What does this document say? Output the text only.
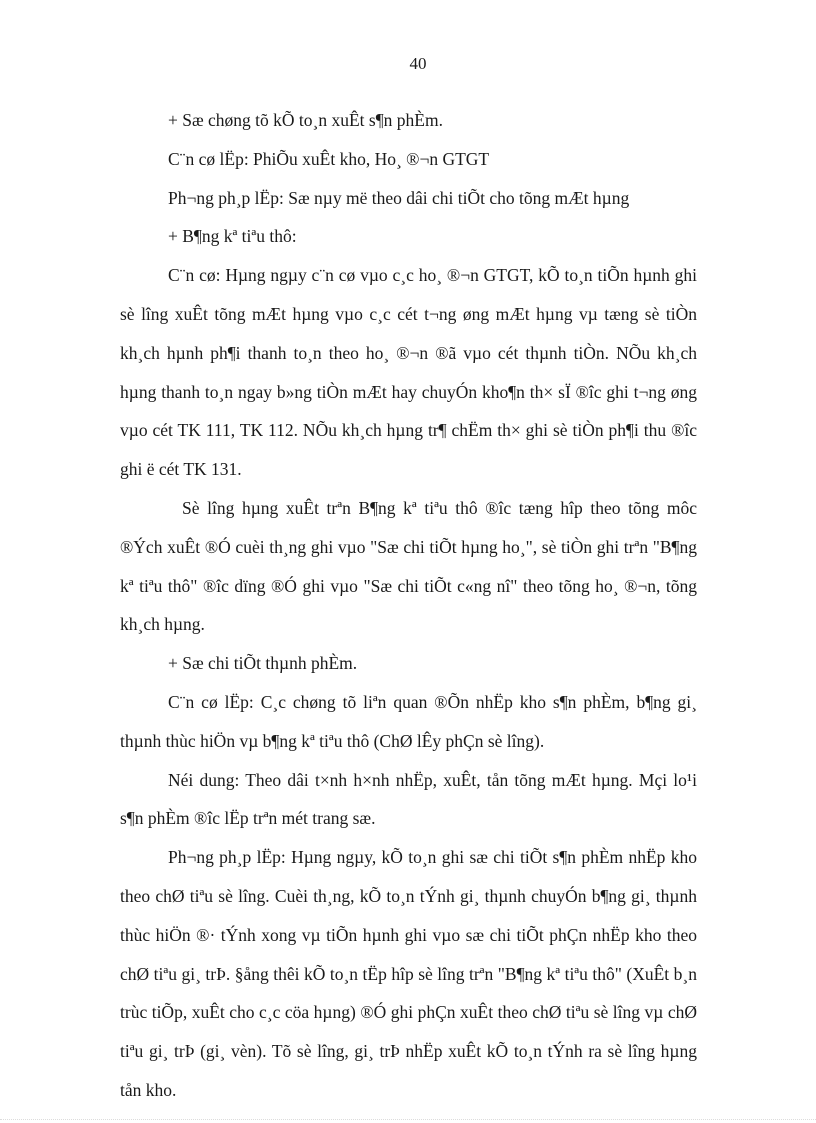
40

+ Sæ chøng tõ kÕ to¸n xuÊt s¶n phÈm.

C¨n cø lËp: PhiÕu xuÊt kho, Ho¸ ®¬n GTGT

Ph¬ng ph¸p lËp: Sæ nµy më theo dâi chi tiÕt cho tõng mÆt hµng

+ B¶ng kª tiªu thô:

C¨n cø: Hµng ngµy c¨n cø vµo c¸c ho¸ ®¬n GTGT, kÕ to¸n tiÕn hµnh ghi sè lîng xuÊt tõng mÆt hµng vµo c¸c cét t¬ng øng mÆt hµng vµ tæng sè tiÒn kh¸ch hµnh ph¶i thanh to¸n theo ho¸ ®¬n ®ã vµo cét thµnh tiÒn. NÕu kh¸ch hµng thanh to¸n ngay b»ng tiÒn mÆt hay chuyÓn kho¶n th× sÏ ®îc ghi t¬ng øng vµo cét TK 111, TK 112. NÕu kh¸ch hµng tr¶ chËm th× ghi sè tiÒn ph¶i thu ®îc ghi ë cét TK 131.

Sè lîng hµng xuÊt trªn B¶ng kª tiªu thô ®îc tæng hîp theo tõng môc ®Ých xuÊt ®Ó cuèi th¸ng ghi vµo "Sæ chi tiÕt hµng ho¸", sè tiÒn ghi trªn "B¶ng kª tiªu thô" ®îc dïng ®Ó ghi vµo "Sæ chi tiÕt c«ng nî" theo tõng ho¸ ®¬n, tõng kh¸ch hµng.

+ Sæ chi tiÕt thµnh phÈm.

C¨n cø lËp: C¸c chøng tõ liªn quan ®Õn nhËp kho s¶n phÈm, b¶ng gi¸ thµnh thùc hiÖn vµ b¶ng kª tiªu thô (ChØ lÊy phÇn sè lîng).

Néi dung: Theo dâi t×nh h×nh nhËp, xuÊt, tån tõng mÆt hµng. Mçi lo¹i s¶n phÈm ®îc lËp trªn mét trang sæ.

Ph¬ng ph¸p lËp: Hµng ngµy, kÕ to¸n ghi sæ chi tiÕt s¶n phÈm nhËp kho theo chØ tiªu sè lîng. Cuèi th¸ng, kÕ to¸n tÝnh gi¸ thµnh chuyÓn b¶ng gi¸ thµnh thùc hiÖn ®· tÝnh xong vµ tiÕn hµnh ghi vµo sæ chi tiÕt phÇn nhËp kho theo chØ tiªu gi¸ trÞ. §ång thêi kÕ to¸n tËp hîp sè lîng trªn "B¶ng kª tiªu thô" (XuÊt b¸n trùc tiÕp, xuÊt cho c¸c cöa hµng) ®Ó ghi phÇn xuÊt theo chØ tiªu sè lîng vµ chØ tiªu gi¸ trÞ (gi¸ vèn). Tõ sè lîng, gi¸ trÞ nhËp xuÊt kÕ to¸n tÝnh ra sè lîng hµng tån kho.
